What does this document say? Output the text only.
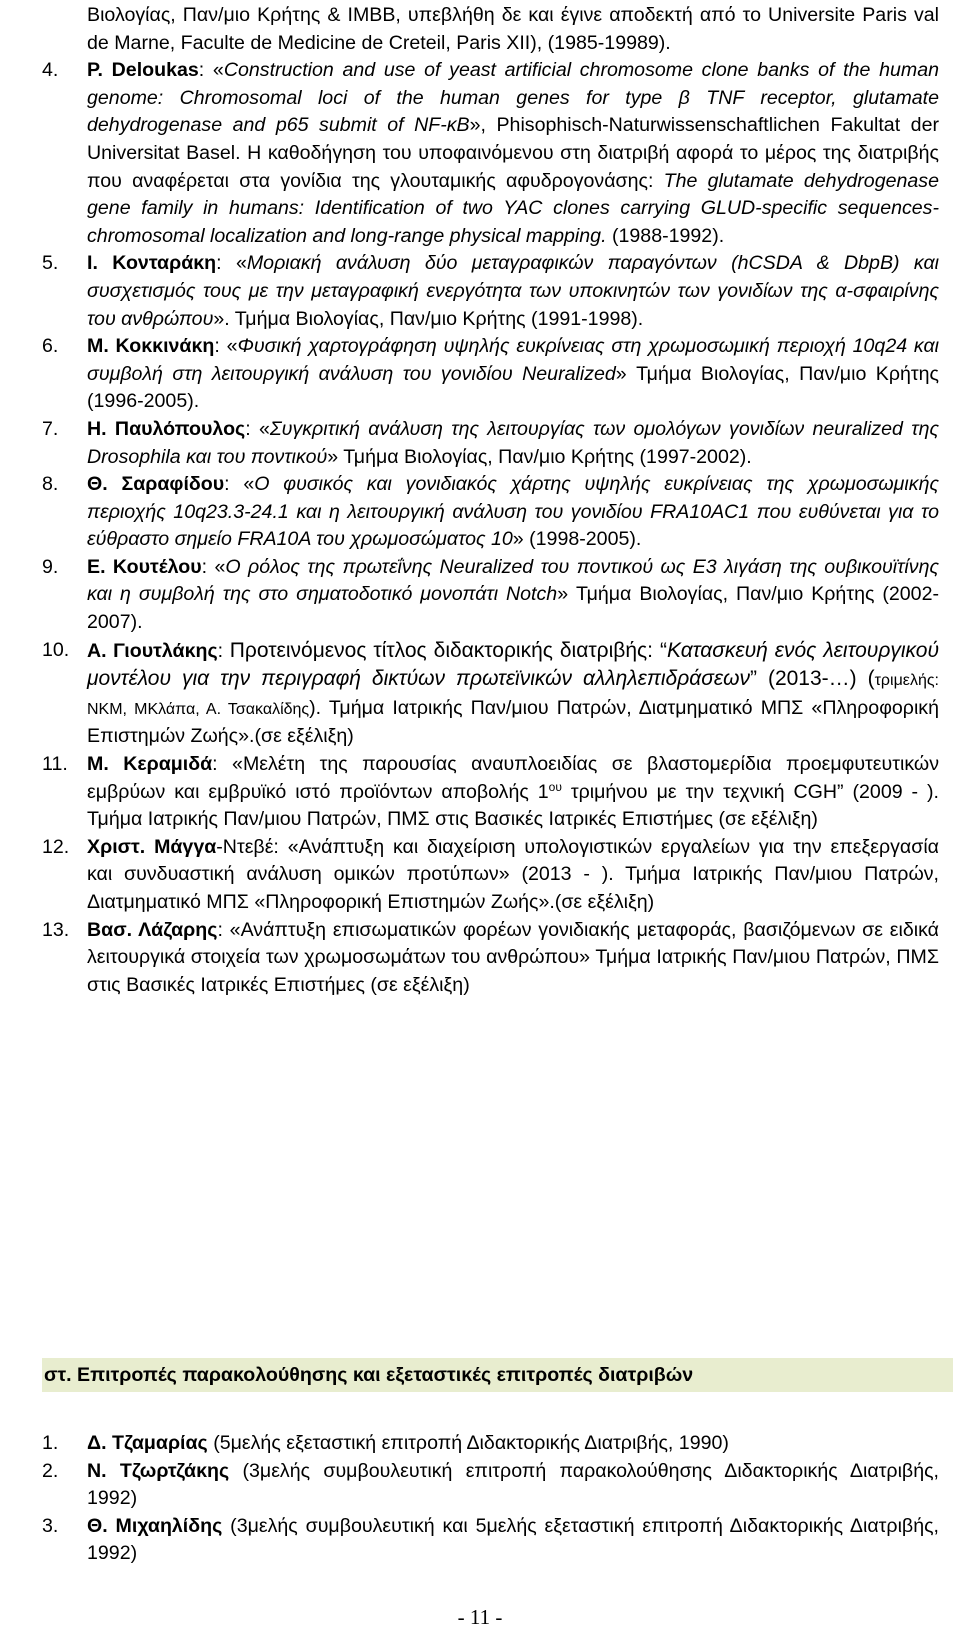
Βιολογίας, Παν/μιο Κρήτης & IMBB, υπεβλήθη δε και έγινε αποδεκτή από το Universite Paris val de Marne, Faculte de Medicine de Creteil, Paris XII), (1985-19989).
4.	P. Deloukas: «Construction and use of yeast artificial chromosome clone banks of the human genome: Chromosomal loci of the human genes for type β TNF receptor, glutamate dehydrogenase and p65 submit of NF-κB», Phisophisch-Naturwissenschaftlichen Fakultat der Universitat Basel. Η καθοδήγηση του υποφαινόμενου στη διατριβή αφορά το μέρος της διατριβής που αναφέρεται στα γονίδια της γλουταμικής αφυδρογονάσης: The glutamate dehydrogenase gene family in humans: Identification of two YAC clones carrying GLUD-specific sequences- chromosomal localization and long-range physical mapping. (1988-1992).
5.	I. Κονταράκη: «Μοριακή ανάλυση δύο μεταγραφικών παραγόντων (hCSDA & DbpB) και συσχετισμός τους με την μεταγραφική ενεργότητα των υποκινητών των γονιδίων της α-σφαιρίνης του ανθρώπου». Τμήμα Βιολογίας, Παν/μιο Κρήτης (1991-1998).
6.	M. Κοκκινάκη: «Φυσική χαρτογράφηση υψηλής ευκρίνειας στη χρωμοσωμική περιοχή 10q24 και συμβολή στη λειτουργική ανάλυση του γονιδίου Neuralized» Τμήμα Βιολογίας, Παν/μιο Κρήτης (1996-2005).
7.	H. Παυλόπουλος: «Συγκριτική ανάλυση της λειτουργίας των ομολόγων γονιδίων neuralized της Drosophila και του ποντικού» Τμήμα Βιολογίας, Παν/μιο Κρήτης (1997-2002).
8.	Θ. Σαραφίδου: «Ο φυσικός και γονιδιακός χάρτης υψηλής ευκρίνειας της χρωμοσωμικής περιοχής 10q23.3-24.1 και η λειτουργική ανάλυση του γονιδίου FRA10AC1 που ευθύνεται για το εύθραστο σημείο FRA10A του χρωμοσώματος 10» (1998-2005).
9.	E. Κουτέλου: «Ο ρόλος της πρωτεΐνης Neuralized του ποντικού ως E3 λιγάση της ουβικουϊτίνης και η συμβολή της στο σηματοδοτικό μονοπάτι Notch» Τμήμα Βιολογίας, Παν/μιο Κρήτης (2002-2007).
10. Α. Γιουτλάκης: Προτεινόμενος τίτλος διδακτορικής διατριβής: “Κατασκευή ενός λειτουργικού μοντέλου για την περιγραφή δικτύων πρωτεϊνικών αλληλεπιδράσεων” (2013-…) (τριμελής: ΝΚΜ, ΜΚλάπα, Α. Τσακαλίδης). Τμήμα Ιατρικής Παν/μιου Πατρών, Διατμηματικό ΜΠΣ «Πληροφορική Επιστημών Ζωής».(σε εξέλιξη)
11. Μ. Κεραμιδά: «Μελέτη της παρουσίας αναυπλοειδίας σε βλαστομερίδια προεμφυτευτικών εμβρύων και εμβρυϊκό ιστό προϊόντων αποβολής $1^{o\upsilon}$ τριμήνου με την τεχνική CGH” (2009 - ). Τμήμα Ιατρικής Παν/μιου Πατρών, ΠΜΣ στις Βασικές Ιατρικές Επιστήμες (σε εξέλιξη)
12. Χριστ. Μάγγα-Ντεβέ: «Ανάπτυξη και διαχείριση υπολογιστικών εργαλείων για την επεξεργασία και συνδυαστική ανάλυση ομικών προτύπων» (2013 - ). Τμήμα Ιατρικής Παν/μιου Πατρών, Διατμηματικό ΜΠΣ «Πληροφορική Επιστημών Ζωής».(σε εξέλιξη)
13. Βασ. Λάζαρης: «Ανάπτυξη επισωματικών φορέων γονιδιακής μεταφοράς, βασιζόμενων σε ειδικά λειτουργικά στοιχεία των χρωμοσωμάτων του ανθρώπου» Τμήμα Ιατρικής Παν/μιου Πατρών, ΠΜΣ στις Βασικές Ιατρικές Επιστήμες (σε εξέλιξη)
στ. Επιτροπές παρακολούθησης και εξεταστικές επιτροπές διατριβών
1.	Δ. Τζαμαρίας (5μελής εξεταστική επιτροπή Διδακτορικής Διατριβής, 1990)
2.	Ν. Τζωρτζάκης (3μελής συμβουλευτική επιτροπή παρακολούθησης Διδακτορικής Διατριβής, 1992)
3.	Θ. Μιχαηλίδης (3μελής συμβουλευτική και 5μελής εξεταστική επιτροπή Διδακτορικής Διατριβής, 1992)
- 11 -
